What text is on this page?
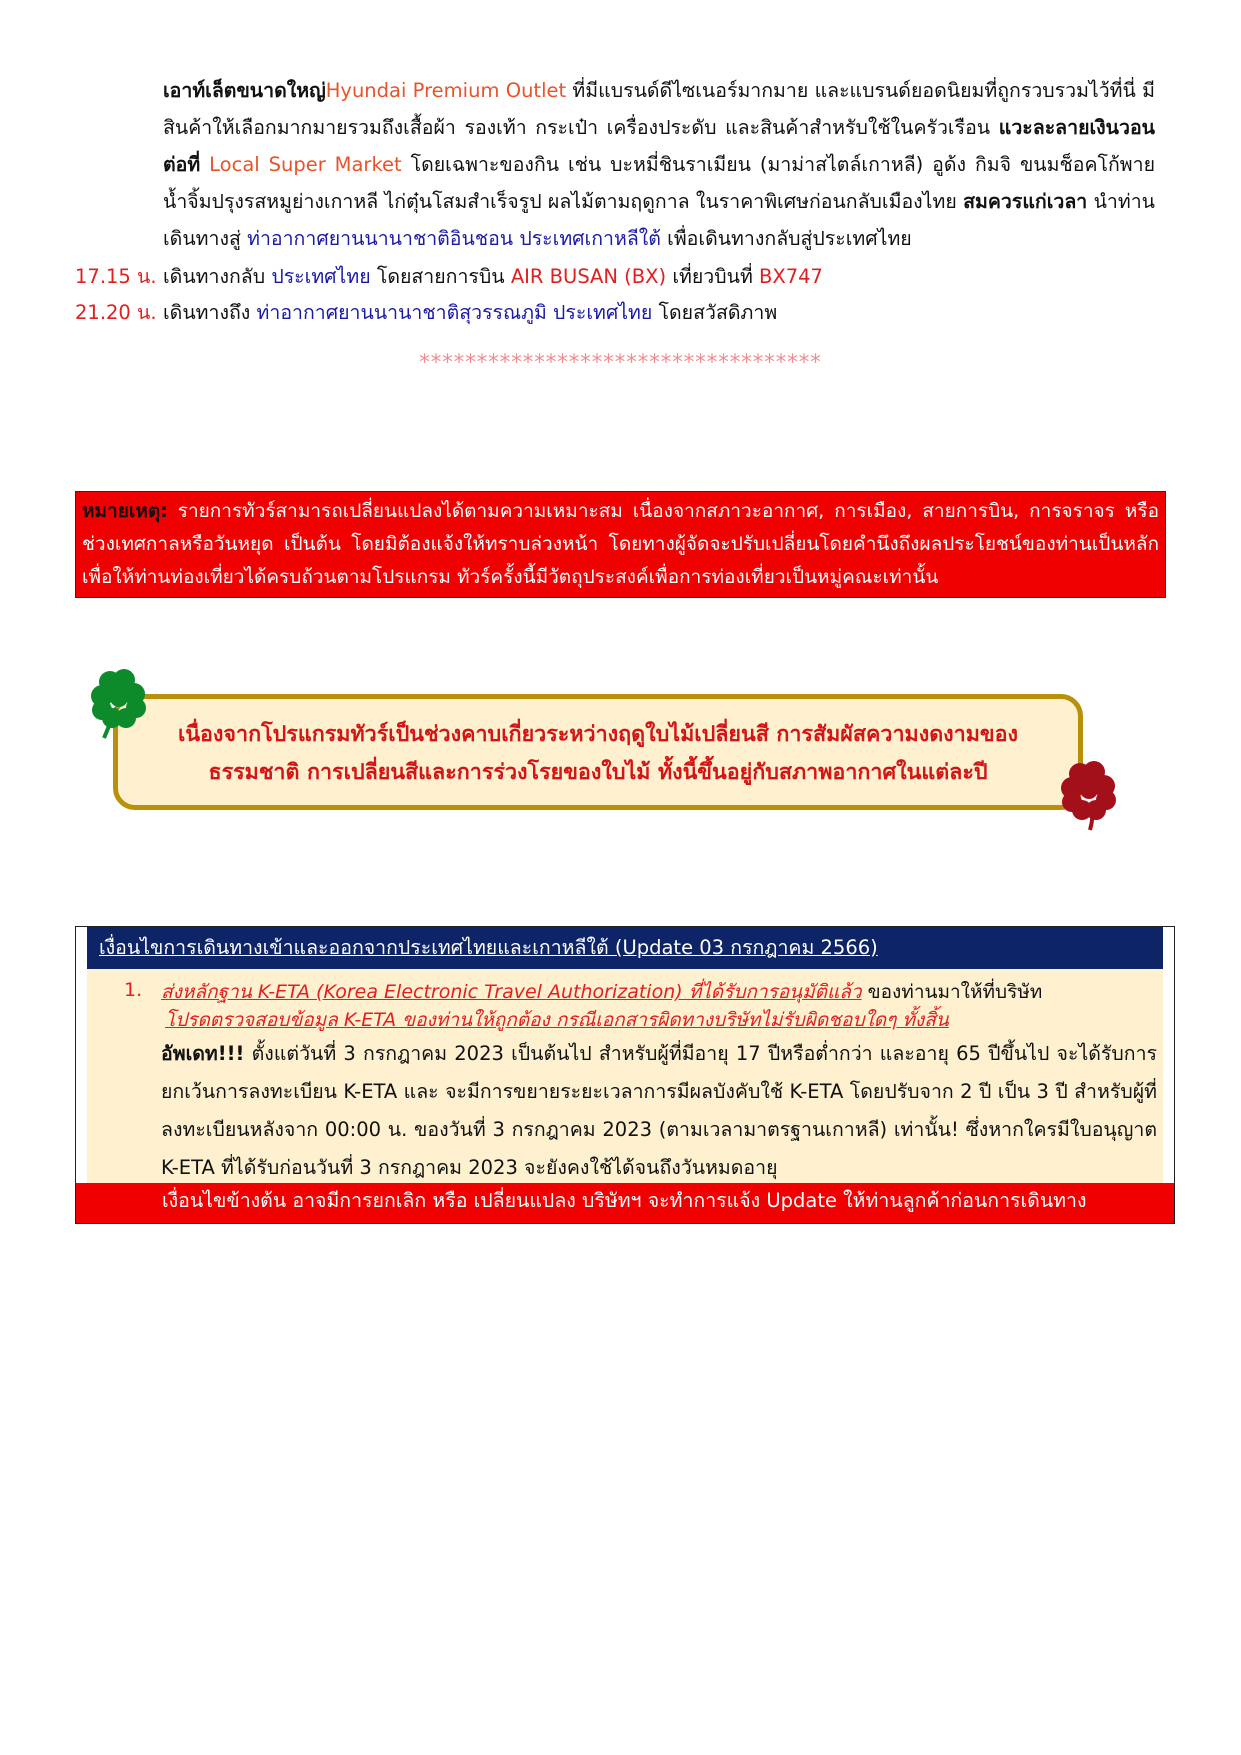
เอาท์เล็ตขนาดใหญ่Hyundai Premium Outlet ที่มีแบรนด์ดีไซเนอร์มากมาย และแบรนด์ยอดนิยมที่ถูกรวบรวมไว้ที่นี่ มีสินค้าให้เลือกมากมายรวมถึงเสื้อผ้า รองเท้า กระเป๋า เครื่องประดับ และสินค้าสำหรับใช้ในครัวเรือน แวะละลายเงินวอนต่อที่ Local Super Market โดยเฉพาะของกิน เช่น บะหมี่ชินราเมียน (มาม่าสไตล์เกาหลี) อูด้ง กิมจิ ขนมช็อคโก้พาย น้ำจิ้มปรุงรสหมูย่างเกาหลี ไก่ตุ๋นโสมสำเร็จรูป ผลไม้ตามฤดูกาล ในราคาพิเศษก่อนกลับเมืองไทย สมควรแก่เวลา นำท่านเดินทางสู่ ท่าอากาศยานนานาชาติอินชอน ประเทศเกาหลีใต้ เพื่อเดินทางกลับสู่ประเทศไทย
17.15 น. เดินทางกลับ ประเทศไทย โดยสายการบิน AIR BUSAN (BX) เที่ยวบินที่ BX747
21.20 น. เดินทางถึง ท่าอากาศยานนานาชาติสุวรรณภูมิ ประเทศไทย โดยสวัสดิภาพ
***********************************
หมายเหตุ: รายการทัวร์สามารถเปลี่ยนแปลงได้ตามความเหมาะสม เนื่องจากสภาวะอากาศ, การเมือง, สายการบิน, การจราจร หรือช่วงเทศกาลหรือวันหยุด เป็นต้น โดยมิต้องแจ้งให้ทราบล่วงหน้า โดยทางผู้จัดจะปรับเปลี่ยนโดยคำนึงถึงผลประโยชน์ของท่านเป็นหลัก เพื่อให้ท่านท่องเที่ยวได้ครบถ้วนตามโปรแกรม ทัวร์ครั้งนี้มีวัตถุประสงค์เพื่อการท่องเที่ยวเป็นหมู่คณะเท่านั้น
เนื่องจากโปรแกรมทัวร์เป็นช่วงคาบเกี่ยวระหว่างฤดูใบไม้เปลี่ยนสี การสัมผัสความงดงามของ
ธรรมชาติ การเปลี่ยนสีและการร่วงโรยของใบไม้ ทั้งนี้ขึ้นอยู่กับสภาพอากาศในแต่ละปี
เงื่อนไขการเดินทางเข้าและออกจากประเทศไทยและเกาหลีใต้ (Update 03 กรกฎาคม 2566)
1. ส่งหลักฐาน K-ETA (Korea Electronic Travel Authorization) ที่ได้รับการอนุมัติแล้ว ของท่านมาให้ที่บริษัท
โปรดตรวจสอบข้อมูล K-ETA ของท่านให้ถูกต้อง กรณีเอกสารผิดทางบริษัทไม่รับผิดชอบใดๆ ทั้งสิ้น
อัพเดท!!! ตั้งแต่วันที่ 3 กรกฎาคม 2023 เป็นต้นไป สำหรับผู้ที่มีอายุ 17 ปีหรือต่ำกว่า และอายุ 65 ปีขึ้นไป จะได้รับการยกเว้นการลงทะเบียน K-ETA และ จะมีการขยายระยะเวลาการมีผลบังคับใช้ K-ETA โดยปรับจาก 2 ปี เป็น 3 ปี สำหรับผู้ที่ลงทะเบียนหลังจาก 00:00 น. ของวันที่ 3 กรกฎาคม 2023 (ตามเวลามาตรฐานเกาหลี) เท่านั้น! ซึ่งหากใครมีใบอนุญาต K-ETA ที่ได้รับก่อนวันที่ 3 กรกฎาคม 2023 จะยังคงใช้ได้จนถึงวันหมดอายุ
เงื่อนไขข้างต้น อาจมีการยกเลิก หรือ เปลี่ยนแปลง บริษัทฯ จะทำการแจ้ง Update ให้ท่านลูกค้าก่อนการเดินทาง
